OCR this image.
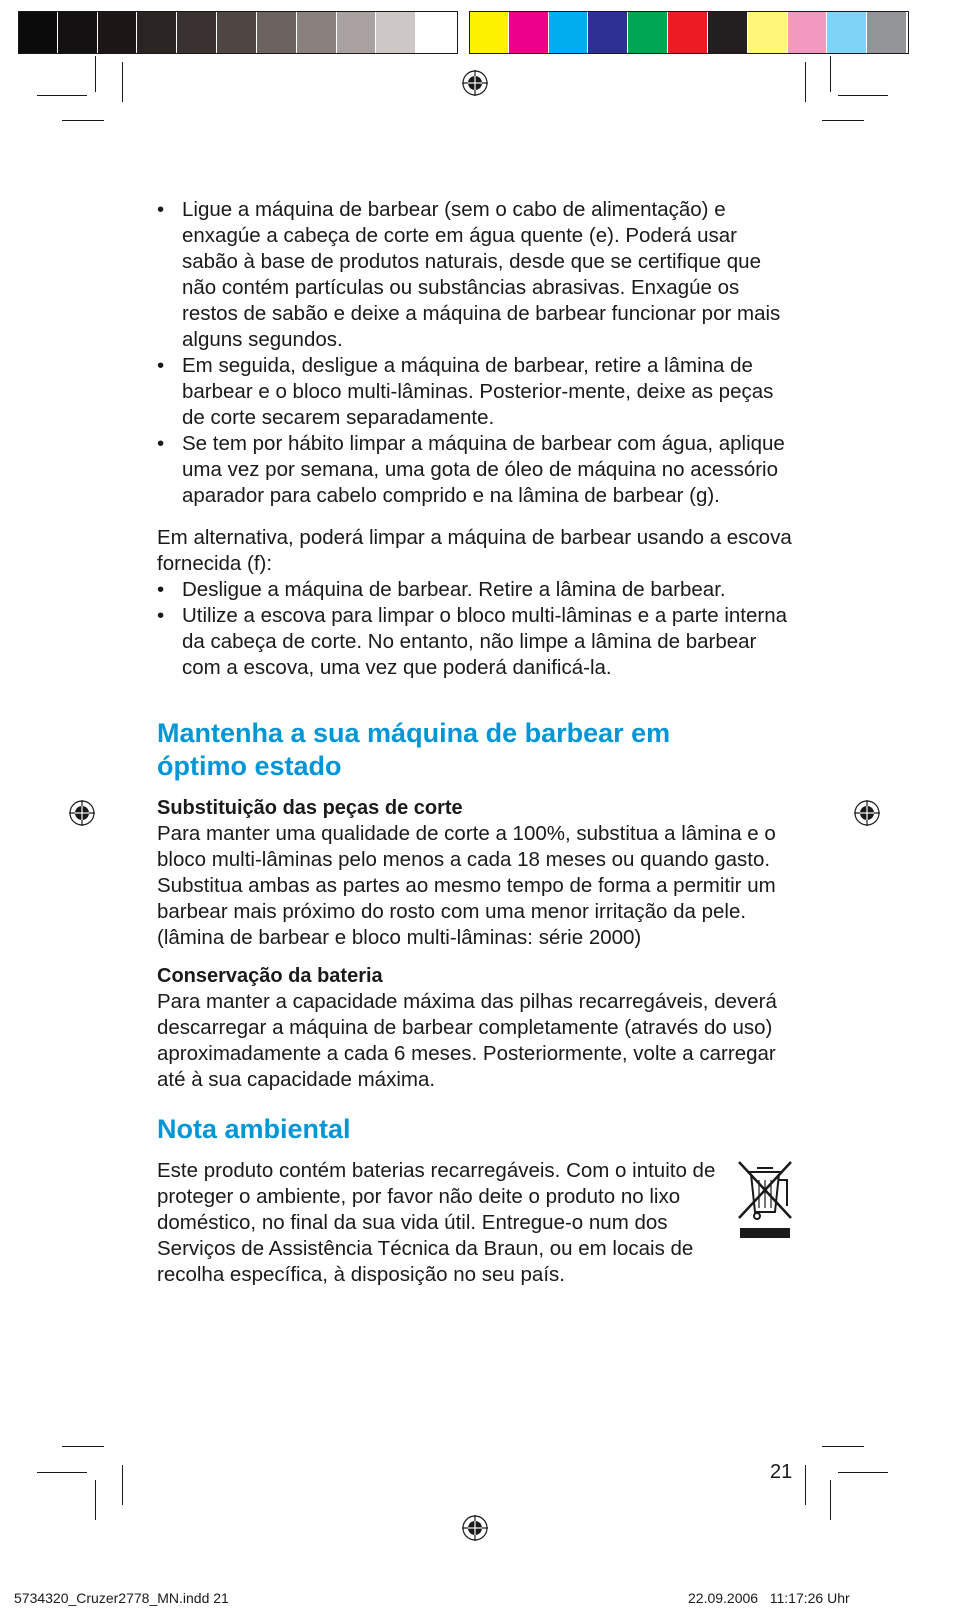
• Ligue a máquina de barbear (sem o cabo de alimentação) e enxagúe a cabeça de corte em água quente (e). Poderá usar sabão à base de produtos naturais, desde que se certifique que não contém partículas ou substâncias abrasivas. Enxagúe os restos de sabão e deixe a máquina de barbear funcionar por mais alguns segundos.
• Em seguida, desligue a máquina de barbear, retire a lâmina de barbear e o bloco multi-lâminas. Posterior-mente, deixe as peças de corte secarem separadamente.
• Se tem por hábito limpar a máquina de barbear com água, aplique uma vez por semana, uma gota de óleo de máquina no acessório aparador para cabelo comprido e na lâmina de barbear (g).

Em alternativa, poderá limpar a máquina de barbear usando a escova fornecida (f):

• Desligue a máquina de barbear. Retire a lâmina de barbear.
• Utilize a escova para limpar o bloco multi-lâminas e a parte interna da cabeça de corte. No entanto, não limpe a lâmina de barbear com a escova, uma vez que poderá danificá-la.
Mantenha a sua máquina de barbear em
óptimo estado
Substituição das peças de corte

Para manter uma qualidade de corte a 100%, substitua a lâmina e o bloco multi-lâminas pelo menos a cada 18 meses ou quando gasto. Substitua ambas as partes ao mesmo tempo de forma a permitir um barbear mais próximo do rosto com uma menor irritação da pele.

(lâmina de barbear e bloco multi-lâminas: série 2000)

Conservação da bateria

Para manter a capacidade máxima das pilhas recarregáveis, deverá descarregar a máquina de barbear completamente (através do uso) aproximadamente a cada 6 meses. Posteriormente, volte a carregar até à sua capacidade máxima.

Nota ambiental

Este produto contém baterias recarregáveis. Com o intuito de proteger o ambiente, por favor não deite o produto no lixo doméstico, no final da sua vida útil. Entregue-o num dos Serviços de Assistência Técnica da Braun, ou em locais de recolha específica, à disposição no seu país.

21
5734320_Cruzer2778_MN.indd 21	22.09.2006   11:17:26 Uhr
